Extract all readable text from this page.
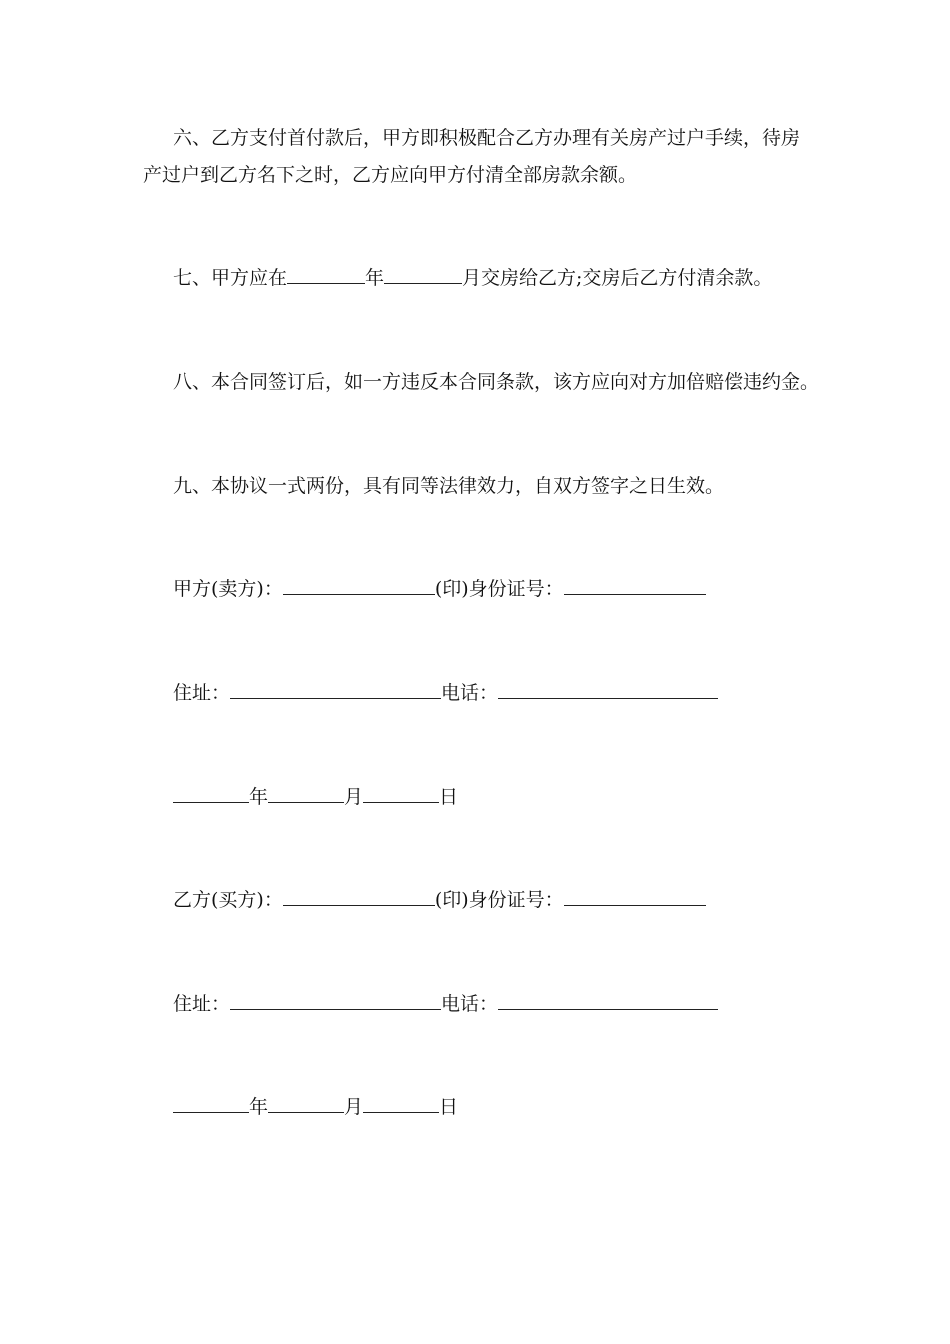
六、乙方支付首付款后，甲方即积极配合乙方办理有关房产过户手续，待房

产过户到乙方名下之时，乙方应向甲方付清全部房款余额。

七、甲方应在	年	月交房给乙方;交房后乙方付清余款。

八、本合同签订后，如一方违反本合同条款，该方应向对方加倍赔偿违约金。

九、本协议一式两份，具有同等法律效力，自双方签字之日生效。

甲方(卖方)：	(印)身份证号：

住址：	电话：

年	月	日

乙方(买方)：	(印)身份证号：

住址：	电话：

年	月	日
